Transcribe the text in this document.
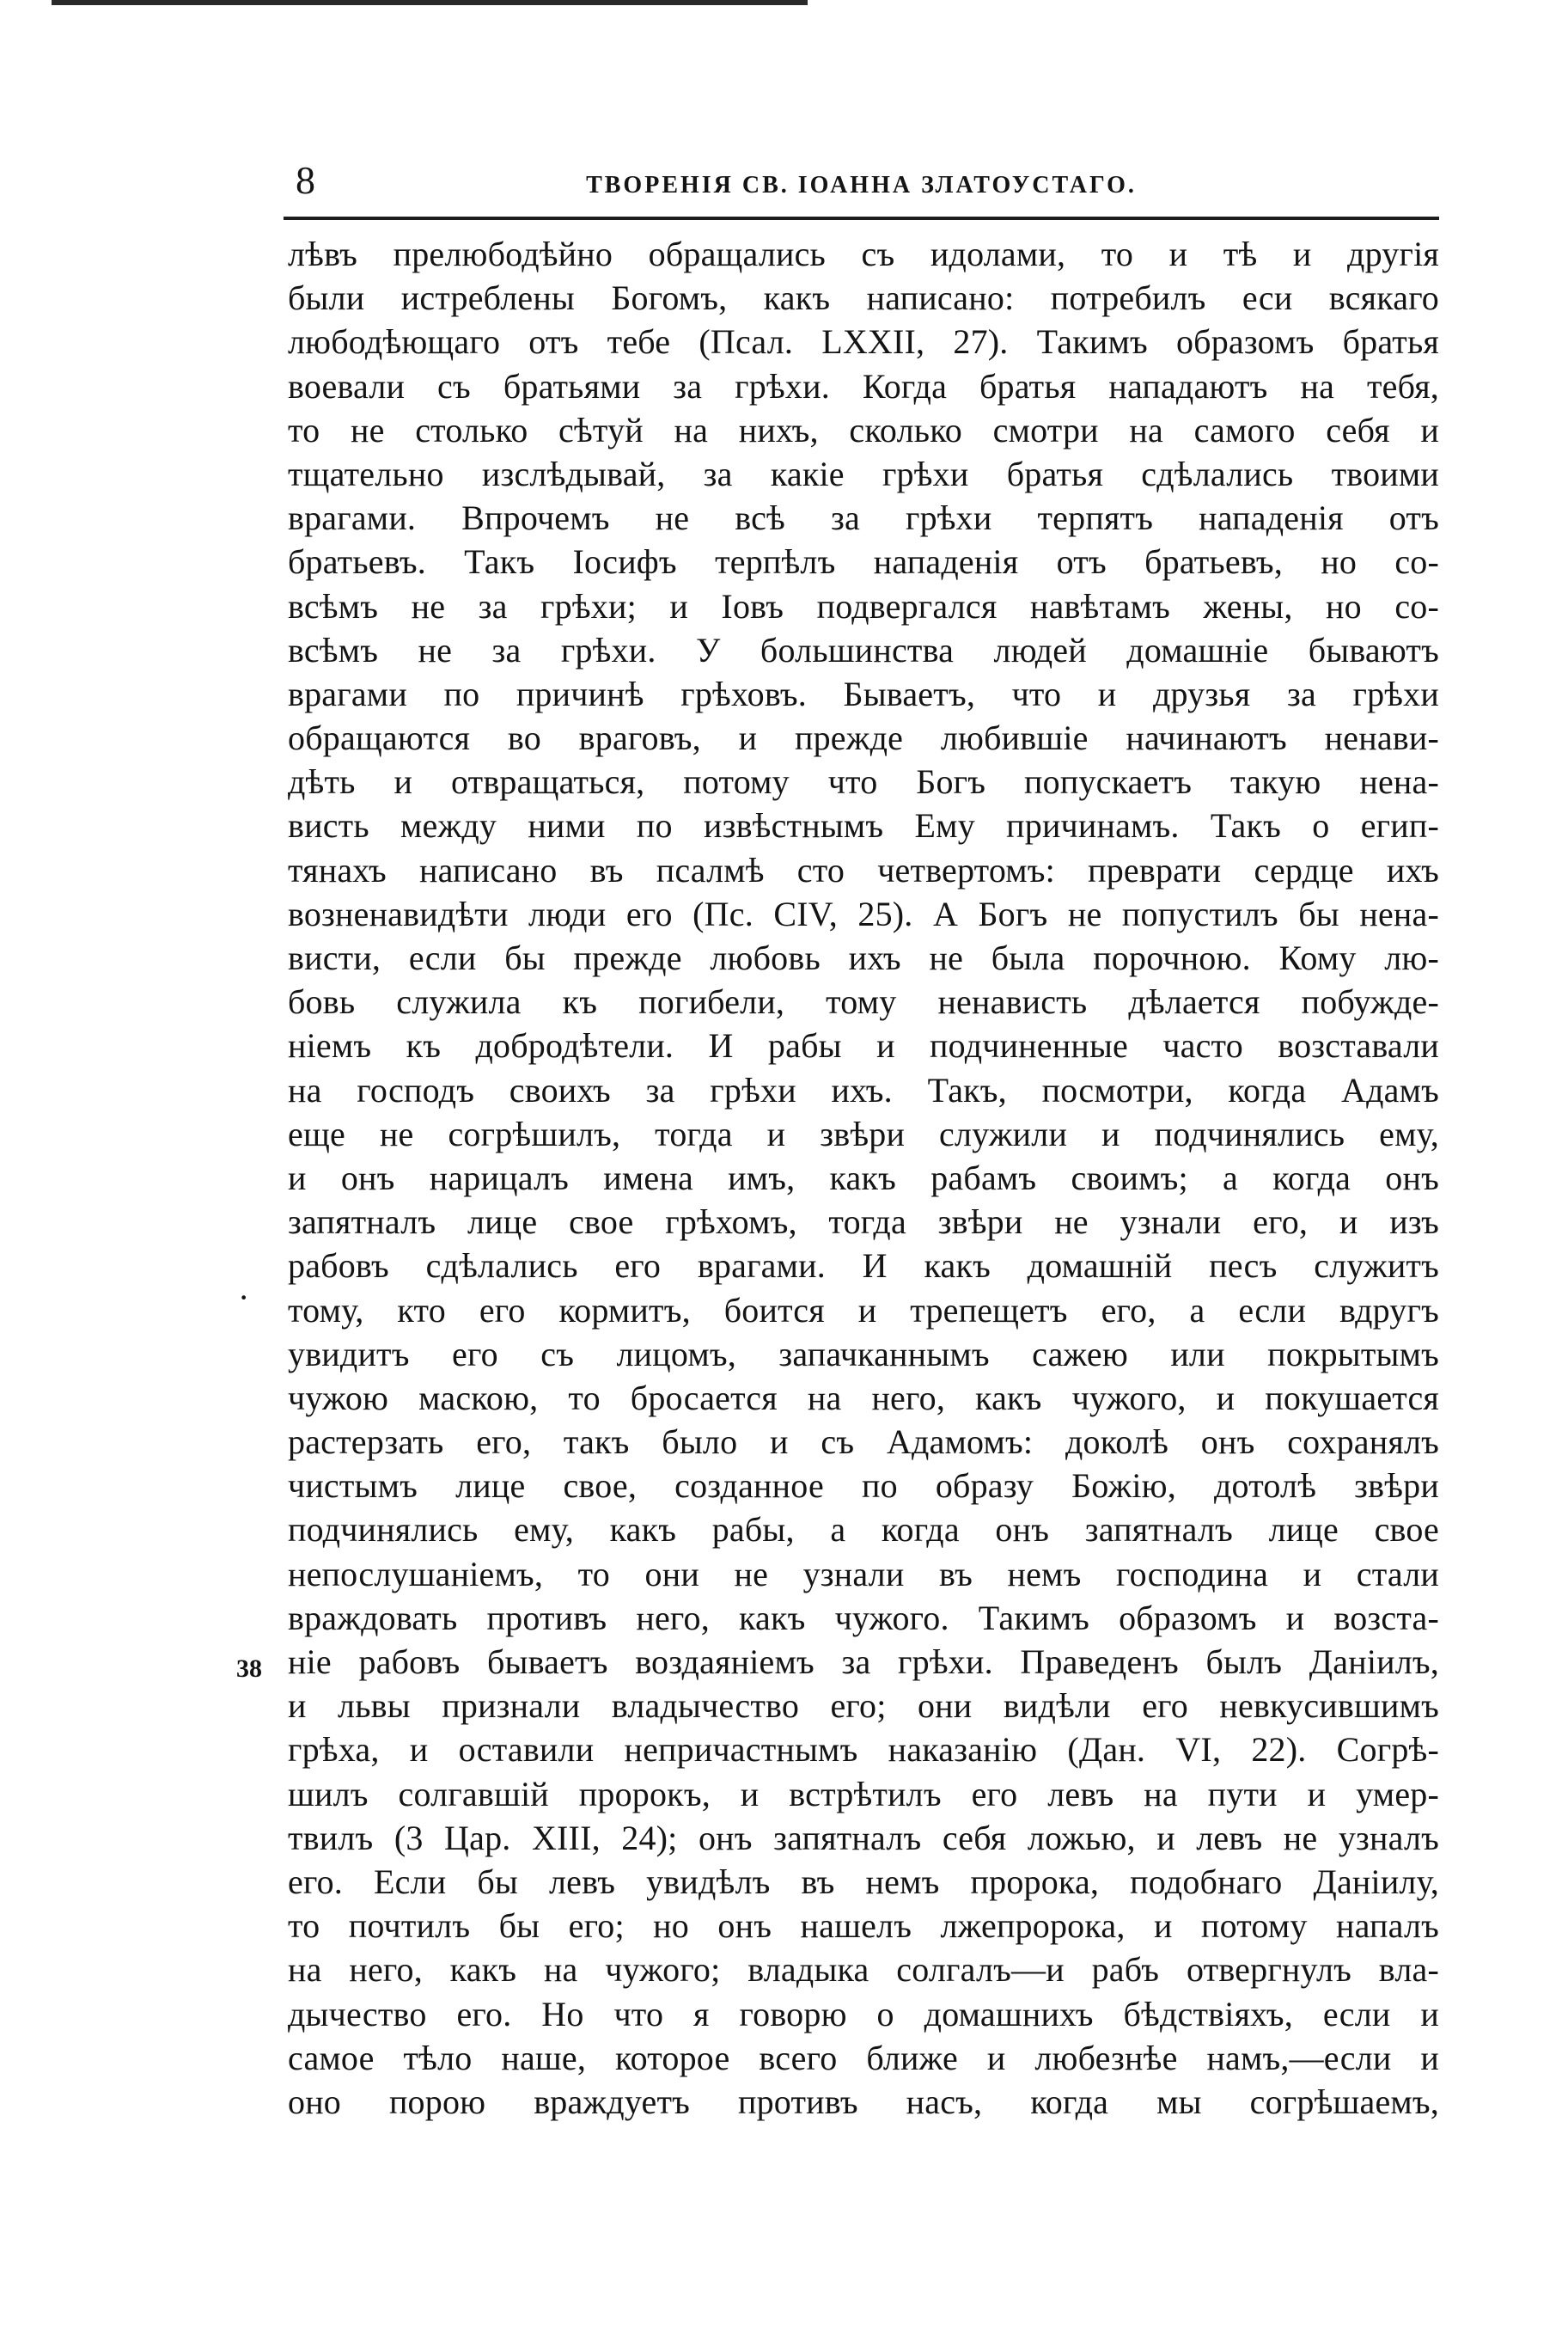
8	ТВОРЕНІЯ СВ. ІОАННА ЗЛАТОУСТАГО.
·
38
лѣвъ прелюбодѣйно обращались съ идолами, то и тѣ и другія
были истреблены Богомъ, какъ написано: потребилъ еси всякаго
любодѣющаго отъ тебе (Псал. LXXII, 27). Такимъ образомъ братья
воевали съ братьями за грѣхи. Когда братья нападаютъ на тебя,
то не столько сѣтуй на нихъ, сколько смотри на самого себя и
тщательно изслѣдывай, за какіе грѣхи братья сдѣлались твоими
врагами. Впрочемъ не всѣ за грѣхи терпятъ нападенія отъ
братьевъ. Такъ Іосифъ терпѣлъ нападенія отъ братьевъ, но со-
всѣмъ не за грѣхи; и Іовъ подвергался навѣтамъ жены, но со-
всѣмъ не за грѣхи. У большинства людей домашніе бываютъ
врагами по причинѣ грѣховъ. Бываетъ, что и друзья за грѣхи
обращаются во враговъ, и прежде любившіе начинаютъ ненави-
дѣть и отвращаться, потому что Богъ попускаетъ такую нена-
висть между ними по извѣстнымъ Ему причинамъ. Такъ о егип-
тянахъ написано въ псалмѣ сто четвертомъ: преврати сердце ихъ
возненавидѣти люди его (Пс. CIV, 25). А Богъ не попустилъ бы нена-
висти, если бы прежде любовь ихъ не была порочною. Кому лю-
бовь служила къ погибели, тому ненависть дѣлается побужде-
ніемъ къ добродѣтели. И рабы и подчиненные часто возставали
на господъ своихъ за грѣхи ихъ. Такъ, посмотри, когда Адамъ
еще не согрѣшилъ, тогда и звѣри служили и подчинялись ему,
и онъ нарицалъ имена имъ, какъ рабамъ своимъ; а когда онъ
запятналъ лице свое грѣхомъ, тогда звѣри не узнали его, и изъ
рабовъ сдѣлались его врагами. И какъ домашній песъ служитъ
тому, кто его кормитъ, боится и трепещетъ его, а если вдругъ
увидитъ его съ лицомъ, запачканнымъ сажею или покрытымъ
чужою маскою, то бросается на него, какъ чужого, и покушается
растерзать его, такъ было и съ Адамомъ: доколѣ онъ сохранялъ
чистымъ лице свое, созданное по образу Божію, дотолѣ звѣри
подчинялись ему, какъ рабы, а когда онъ запятналъ лице свое
непослушаніемъ, то они не узнали въ немъ господина и стали
враждовать противъ него, какъ чужого. Такимъ образомъ и возста-
ніе рабовъ бываетъ воздаяніемъ за грѣхи. Праведенъ былъ Даніилъ,
и львы признали владычество его; они видѣли его невкусившимъ
грѣха, и оставили непричастнымъ наказанію (Дан. VI, 22). Согрѣ-
шилъ солгавшій пророкъ, и встрѣтилъ его левъ на пути и умер-
твилъ (3 Цар. XIII, 24); онъ запятналъ себя ложью, и левъ не узналъ
его. Если бы левъ увидѣлъ въ немъ пророка, подобнаго Даніилу,
то почтилъ бы его; но онъ нашелъ лжепророка, и потому напалъ
на него, какъ на чужого; владыка солгалъ—и рабъ отвергнулъ вла-
дычество его. Но что я говорю о домашнихъ бѣдствіяхъ, если и
самое тѣло наше, которое всего ближе и любезнѣе намъ,—если и
оно порою враждуетъ противъ насъ, когда мы согрѣшаемъ,
